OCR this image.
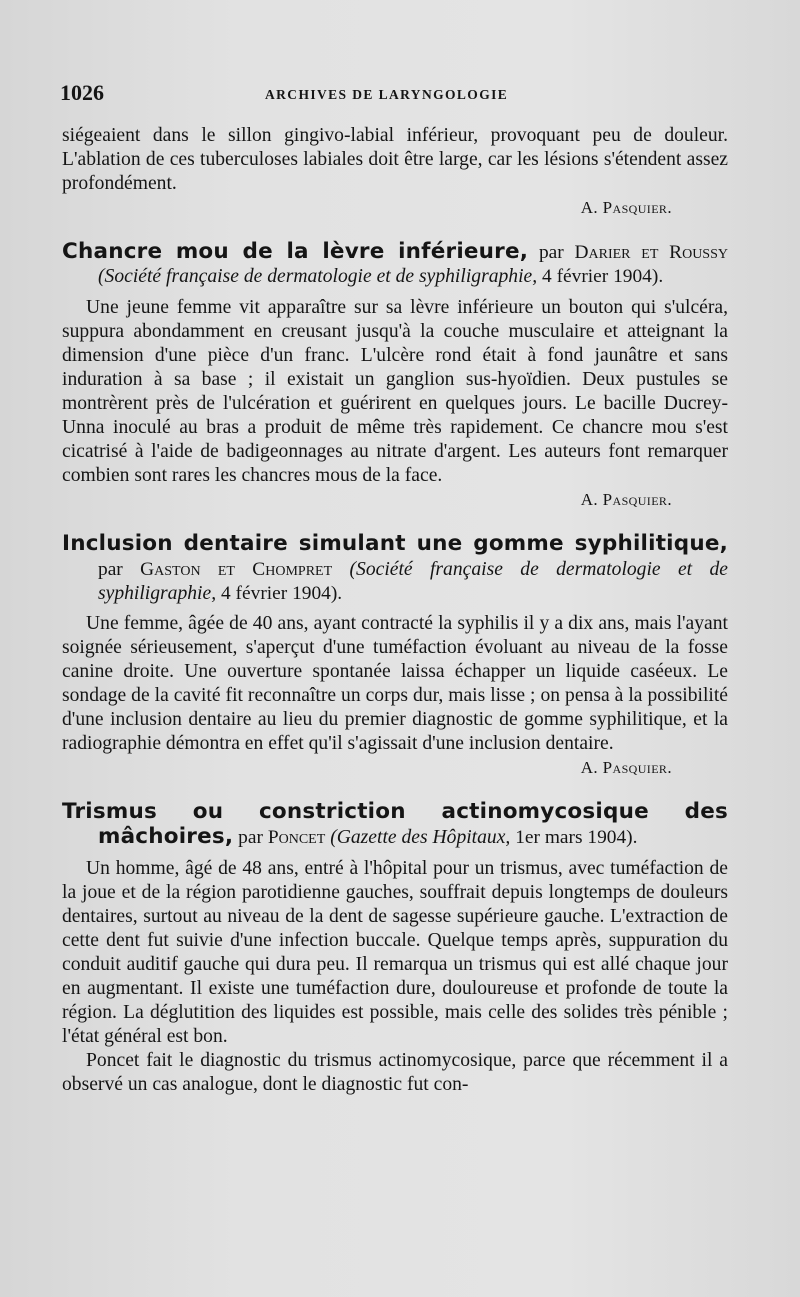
1026	ARCHIVES DE LARYNGOLOGIE

siégeaient dans le sillon gingivo-labial inférieur, provoquant peu de douleur. L'ablation de ces tuberculoses labiales doit être large, car les lésions s'étendent assez profondément.

A. Pasquier.

Chancre mou de la lèvre inférieure, par Darier et Roussy (Société française de dermatologie et de syphiligraphie, 4 février 1904).

Une jeune femme vit apparaître sur sa lèvre inférieure un bouton qui s'ulcéra, suppura abondamment en creusant jusqu'à la couche musculaire et atteignant la dimension d'une pièce d'un franc. L'ulcère rond était à fond jaunâtre et sans induration à sa base ; il existait un ganglion sus-hyoïdien. Deux pustules se montrèrent près de l'ulcération et guérirent en quelques jours. Le bacille Ducrey-Unna inoculé au bras a produit de même très rapidement. Ce chancre mou s'est cicatrisé à l'aide de badigeonnages au nitrate d'argent. Les auteurs font remarquer combien sont rares les chancres mous de la face.

A. Pasquier.

Inclusion dentaire simulant une gomme syphilitique, par Gaston et Chompret (Société française de dermatologie et de syphiligraphie, 4 février 1904).

Une femme, âgée de 40 ans, ayant contracté la syphilis il y a dix ans, mais l'ayant soignée sérieusement, s'aperçut d'une tuméfaction évoluant au niveau de la fosse canine droite. Une ouverture spontanée laissa échapper un liquide caséeux. Le sondage de la cavité fit reconnaître un corps dur, mais lisse ; on pensa à la possibilité d'une inclusion dentaire au lieu du premier diagnostic de gomme syphilitique, et la radiographie démontra en effet qu'il s'agissait d'une inclusion dentaire.

A. Pasquier.

Trismus ou constriction actinomycosique des mâchoires, par Poncet (Gazette des Hôpitaux, 1er mars 1904).

Un homme, âgé de 48 ans, entré à l'hôpital pour un trismus, avec tuméfaction de la joue et de la région parotidienne gauches, souffrait depuis longtemps de douleurs dentaires, surtout au niveau de la dent de sagesse supérieure gauche. L'extraction de cette dent fut suivie d'une infection buccale. Quelque temps après, suppuration du conduit auditif gauche qui dura peu. Il remarqua un trismus qui est allé chaque jour en augmentant. Il existe une tuméfaction dure, douloureuse et profonde de toute la région. La déglutition des liquides est possible, mais celle des solides très pénible ; l'état général est bon.

Poncet fait le diagnostic du trismus actinomycosique, parce que récemment il a observé un cas analogue, dont le diagnostic fut con-
